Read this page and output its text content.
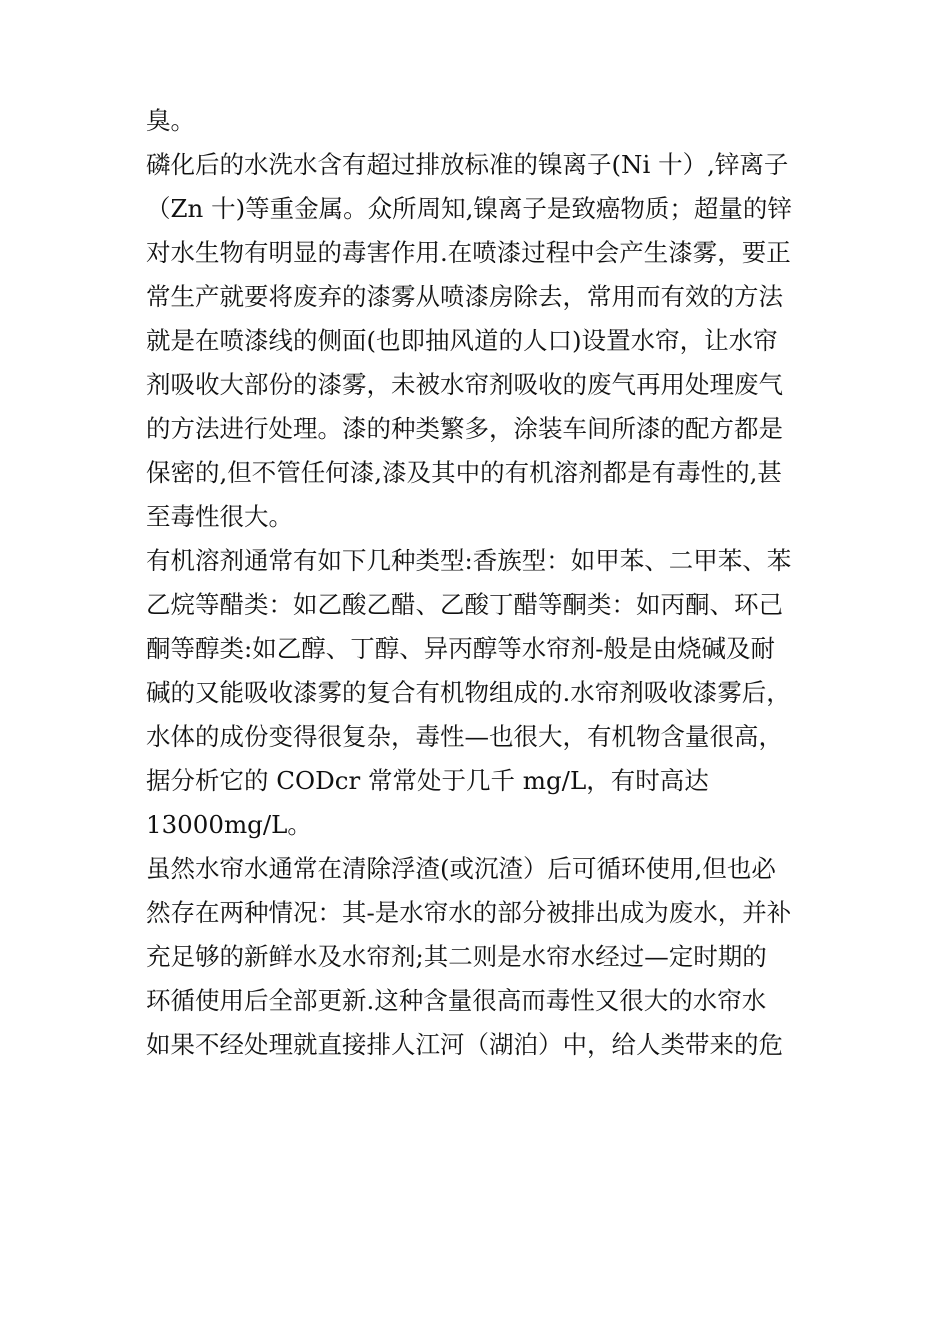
臭。
磷化后的水洗水含有超过排放标准的镍离子(Ni 十）,锌离子
（Zn 十)等重金属。众所周知,镍离子是致癌物质；超量的锌
对水生物有明显的毒害作用.在喷漆过程中会产生漆雾，要正
常生产就要将废弃的漆雾从喷漆房除去，常用而有效的方法
就是在喷漆线的侧面(也即抽风道的人口)设置水帘，让水帘
剂吸收大部份的漆雾，未被水帘剂吸收的废气再用处理废气
的方法进行处理。漆的种类繁多，涂装车间所漆的配方都是
保密的,但不管任何漆,漆及其中的有机溶剂都是有毒性的,甚
至毒性很大。
有机溶剂通常有如下几种类型:香族型：如甲苯、二甲苯、苯
乙烷等醋类：如乙酸乙醋、乙酸丁醋等酮类：如丙酮、环己
酮等醇类:如乙醇、丁醇、异丙醇等水帘剂-般是由烧碱及耐
碱的又能吸收漆雾的复合有机物组成的.水帘剂吸收漆雾后，
水体的成份变得很复杂，毒性—也很大，有机物含量很高，
据分析它的 CODcr 常常处于几千 mg/L，有时高达
13000mg/L。
虽然水帘水通常在清除浮渣(或沉渣）后可循环使用,但也必
然存在两种情况：其-是水帘水的部分被排出成为废水，并补
充足够的新鲜水及水帘剂;其二则是水帘水经过—定时期的
环循使用后全部更新.这种含量很高而毒性又很大的水帘水
如果不经处理就直接排人江河（湖泊）中，给人类带来的危
